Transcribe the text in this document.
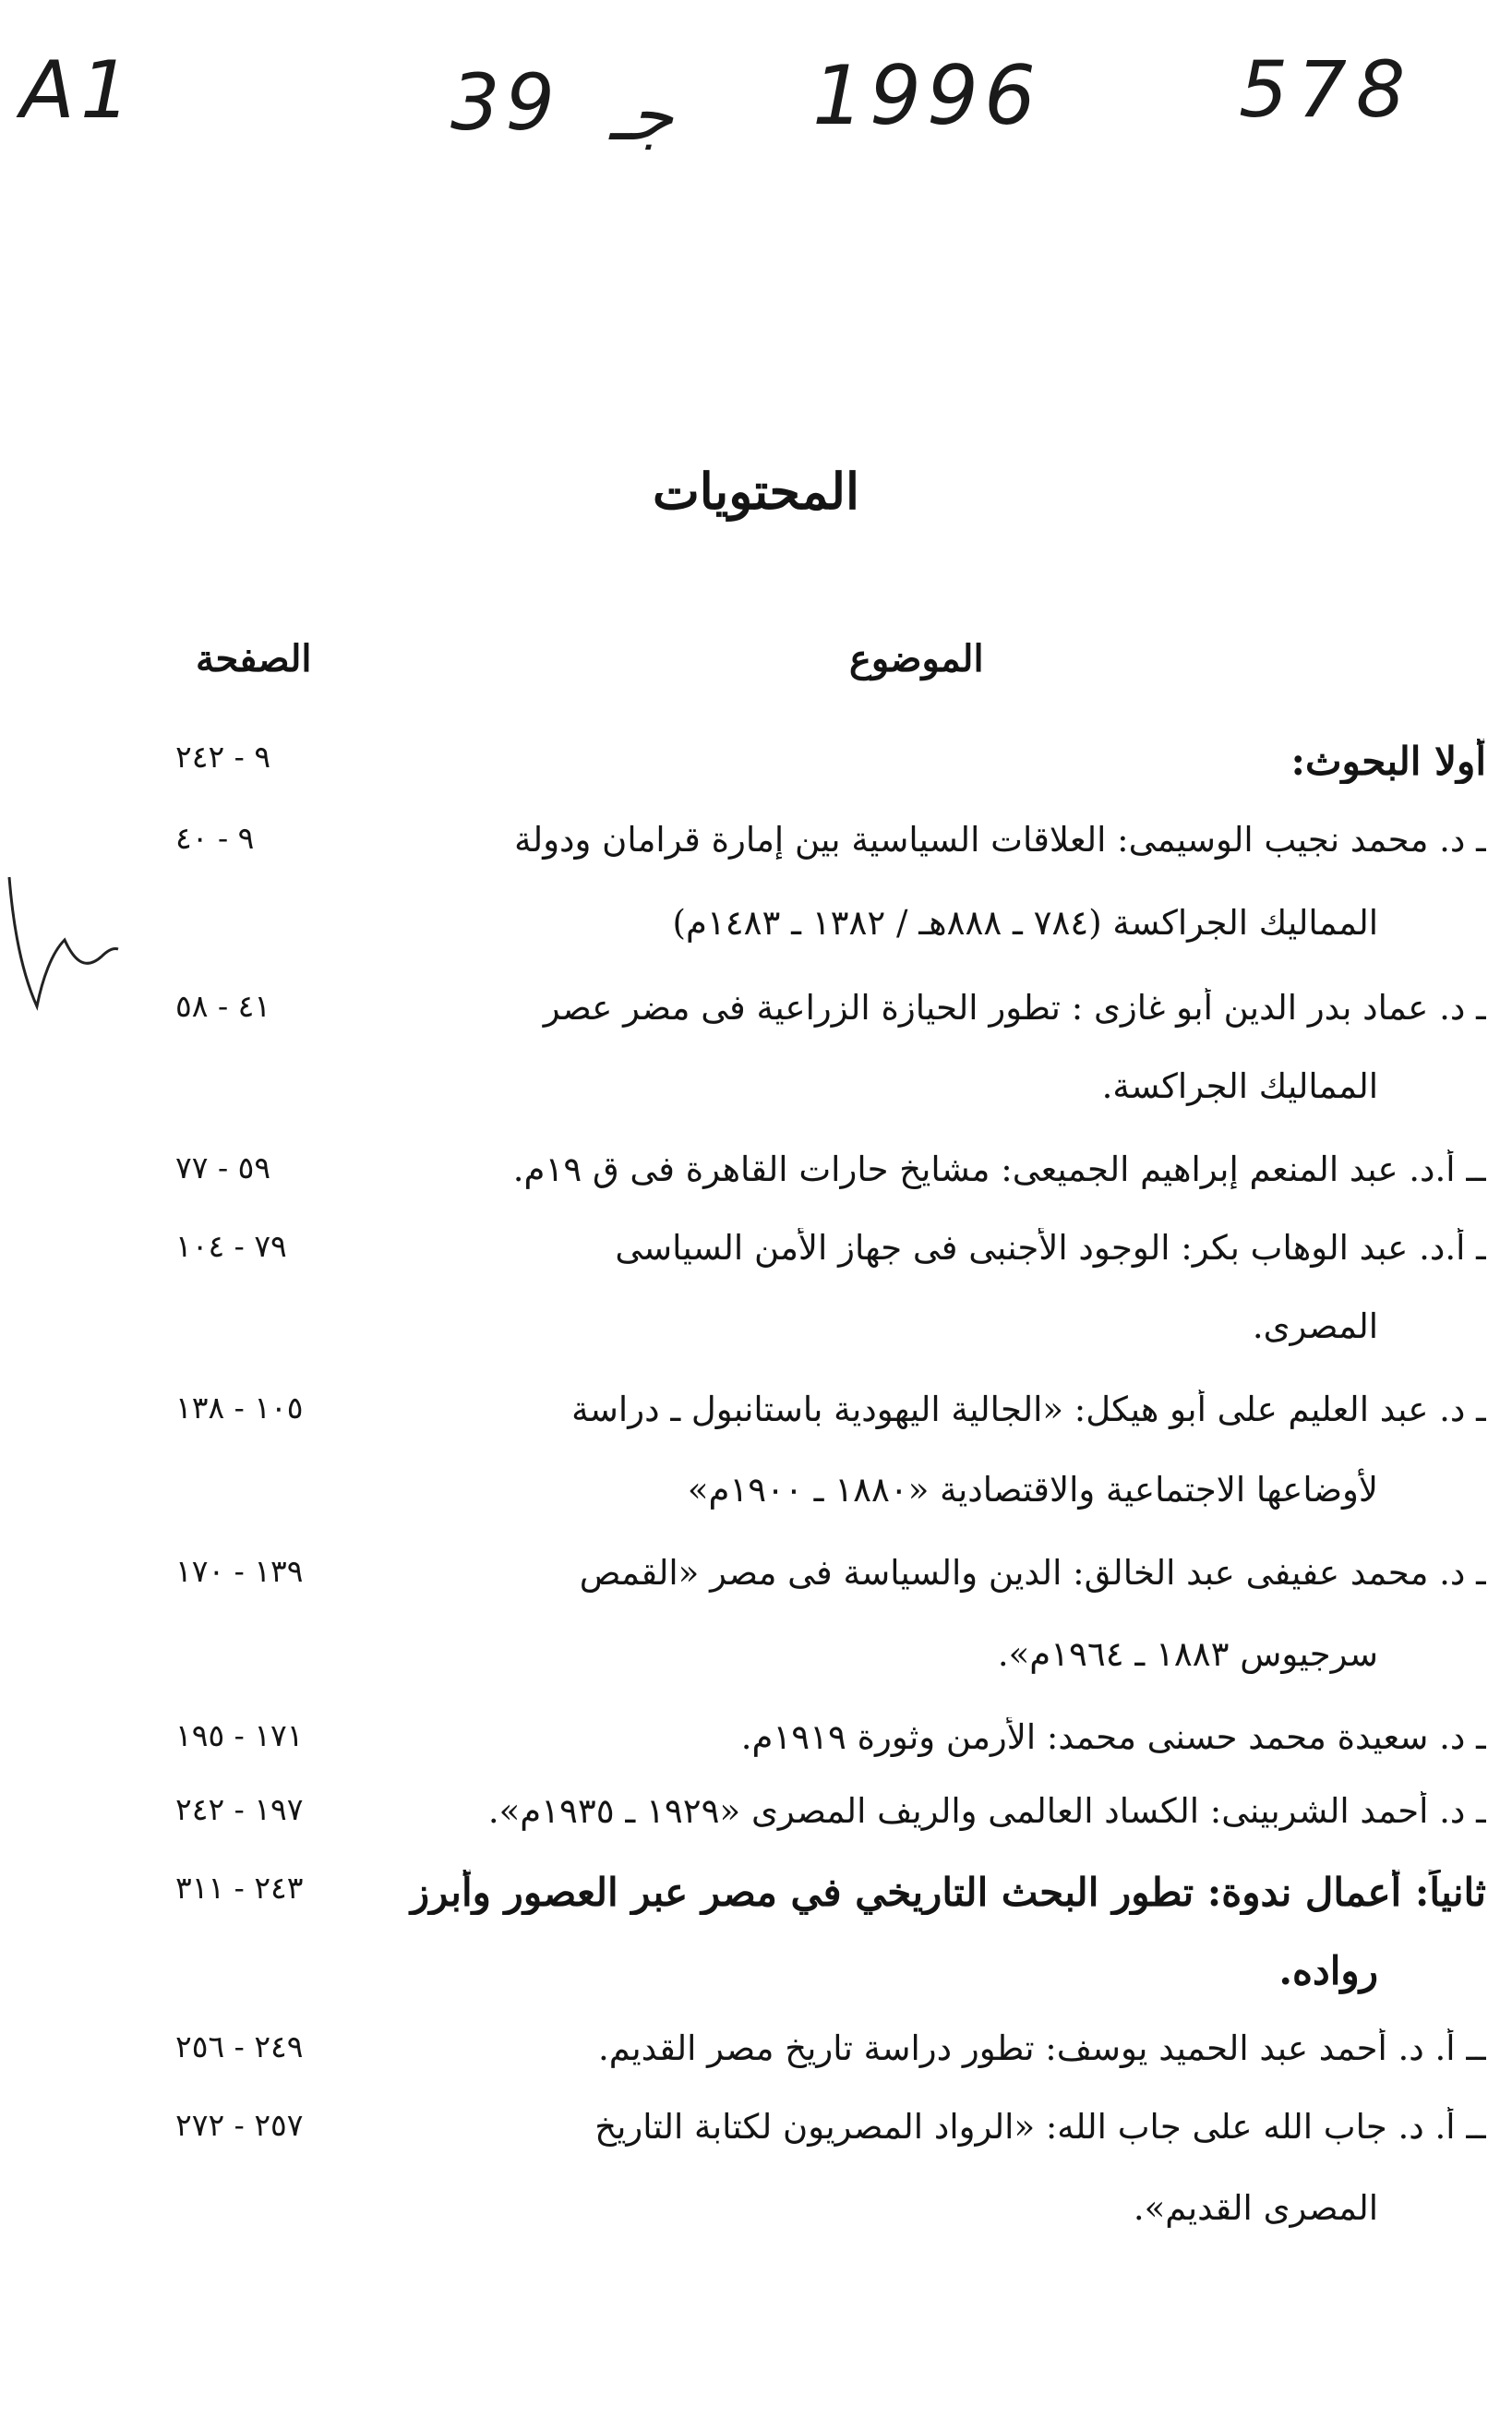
A1	39 جـ 1996	578
المحتويات
الموضوع
الصفحة
أولا البحوث:
٩ - ٢٤٢
ـ د. محمد نجيب الوسيمى: العلاقات السياسية بين إمارة قرامان ودولة
٩ - ٤٠
المماليك الجراكسة (٧٨٤ ـ ٨٨٨هـ / ١٣٨٢ ـ ١٤٨٣م)
ـ د. عماد بدر الدين أبو غازى : تطور الحيازة الزراعية فى مضر عصر
٤١ - ٥٨
المماليك الجراكسة.
ــ أ.د. عبد المنعم إبراهيم الجميعى: مشايخ حارات القاهرة فى ق ١٩م.
٥٩ - ٧٧
ـ أ.د. عبد الوهاب بكر: الوجود الأجنبى فى جهاز الأمن السياسى
٧٩ - ١٠٤
المصرى.
ـ د. عبد العليم على أبو هيكل: «الجالية اليهودية باستانبول ـ دراسة
١٠٥ - ١٣٨
لأوضاعها الاجتماعية والاقتصادية «١٨٨٠ ـ ١٩٠٠م»
ـ د. محمد عفيفى عبد الخالق: الدين والسياسة فى مصر «القمص
١٣٩ - ١٧٠
سرجيوس ١٨٨٣ ـ ١٩٦٤م».
ـ د. سعيدة محمد حسنى محمد: الأرمن وثورة ١٩١٩م.
١٧١ - ١٩٥
ـ د. أحمد الشربينى: الكساد العالمى والريف المصرى «١٩٢٩ ـ ١٩٣٥م».
١٩٧ - ٢٤٢
ثانياً: أعمال ندوة: تطور البحث التاريخي في مصر عبر العصور وأبرز
٢٤٣ - ٣١١
رواده.
ــ أ. د. أحمد عبد الحميد يوسف: تطور دراسة تاريخ مصر القديم.
٢٤٩ - ٢٥٦
ــ أ. د. جاب الله على جاب الله: «الرواد المصريون لكتابة التاريخ
٢٥٧ - ٢٧٢
المصرى القديم».
